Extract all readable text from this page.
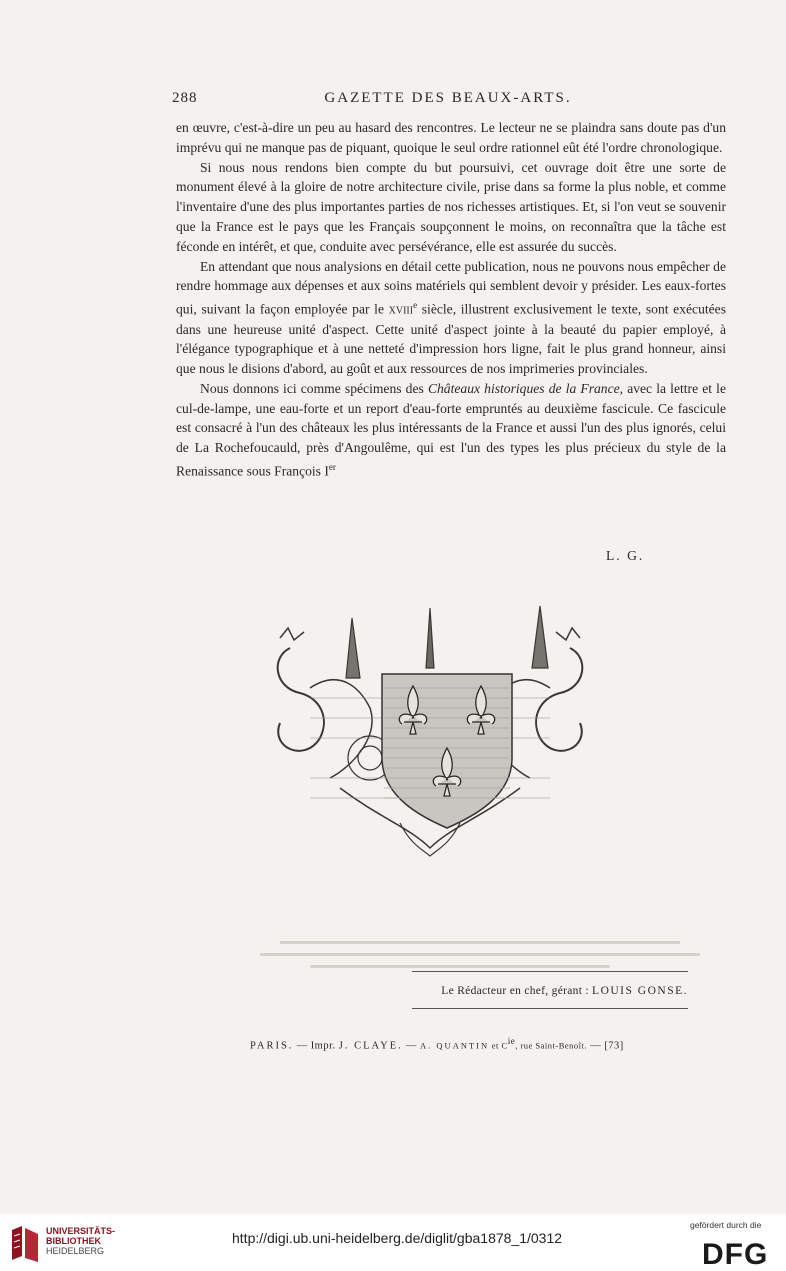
288	GAZETTE DES BEAUX-ARTS.

en œuvre, c'est-à-dire un peu au hasard des rencontres. Le lecteur ne se plaindra sans doute pas d'un imprévu qui ne manque pas de piquant, quoique le seul ordre rationnel eût été l'ordre chronologique.

Si nous nous rendons bien compte du but poursuivi, cet ouvrage doit être une sorte de monument élevé à la gloire de notre architecture civile, prise dans sa forme la plus noble, et comme l'inventaire d'une des plus importantes parties de nos richesses artistiques. Et, si l'on veut se souvenir que la France est le pays que les Français soupçonnent le moins, on reconnaîtra que la tâche est féconde en intérêt, et que, conduite avec persévérance, elle est assurée du succès.

En attendant que nous analysions en détail cette publication, nous ne pouvons nous empêcher de rendre hommage aux dépenses et aux soins matériels qui semblent devoir y présider. Les eaux-fortes qui, suivant la façon employée par le xviii$^e$ siècle, illustrent exclusivement le texte, sont exécutées dans une heureuse unité d'aspect. Cette unité d'aspect jointe à la beauté du papier employé, à l'élégance typographique et à une netteté d'impression hors ligne, fait le plus grand honneur, ainsi que nous le disions d'abord, au goût et aux ressources de nos imprimeries provinciales.

Nous donnons ici comme spécimens des Châteaux historiques de la France, avec la lettre et le cul-de-lampe, une eau-forte et un report d'eau-forte empruntés au deuxième fascicule. Ce fascicule est consacré à l'un des châteaux les plus intéressants de la France et aussi l'un des plus ignorés, celui de La Rochefoucauld, près d'Angoulême, qui est l'un des types les plus précieux du style de la Renaissance sous François Ier

L. G.
Le Rédacteur en chef, gérant : LOUIS GONSE.
PARIS. — Impr. J. CLAYE. — A. QUANTIN et Cie, rue Saint-Benoît. — [73]
UNIVERSITÄTS-
BIBLIOTHEK
HEIDELBERG
http://digi.ub.uni-heidelberg.de/diglit/gba1878_1/0312
gefördert durch die
DFG
